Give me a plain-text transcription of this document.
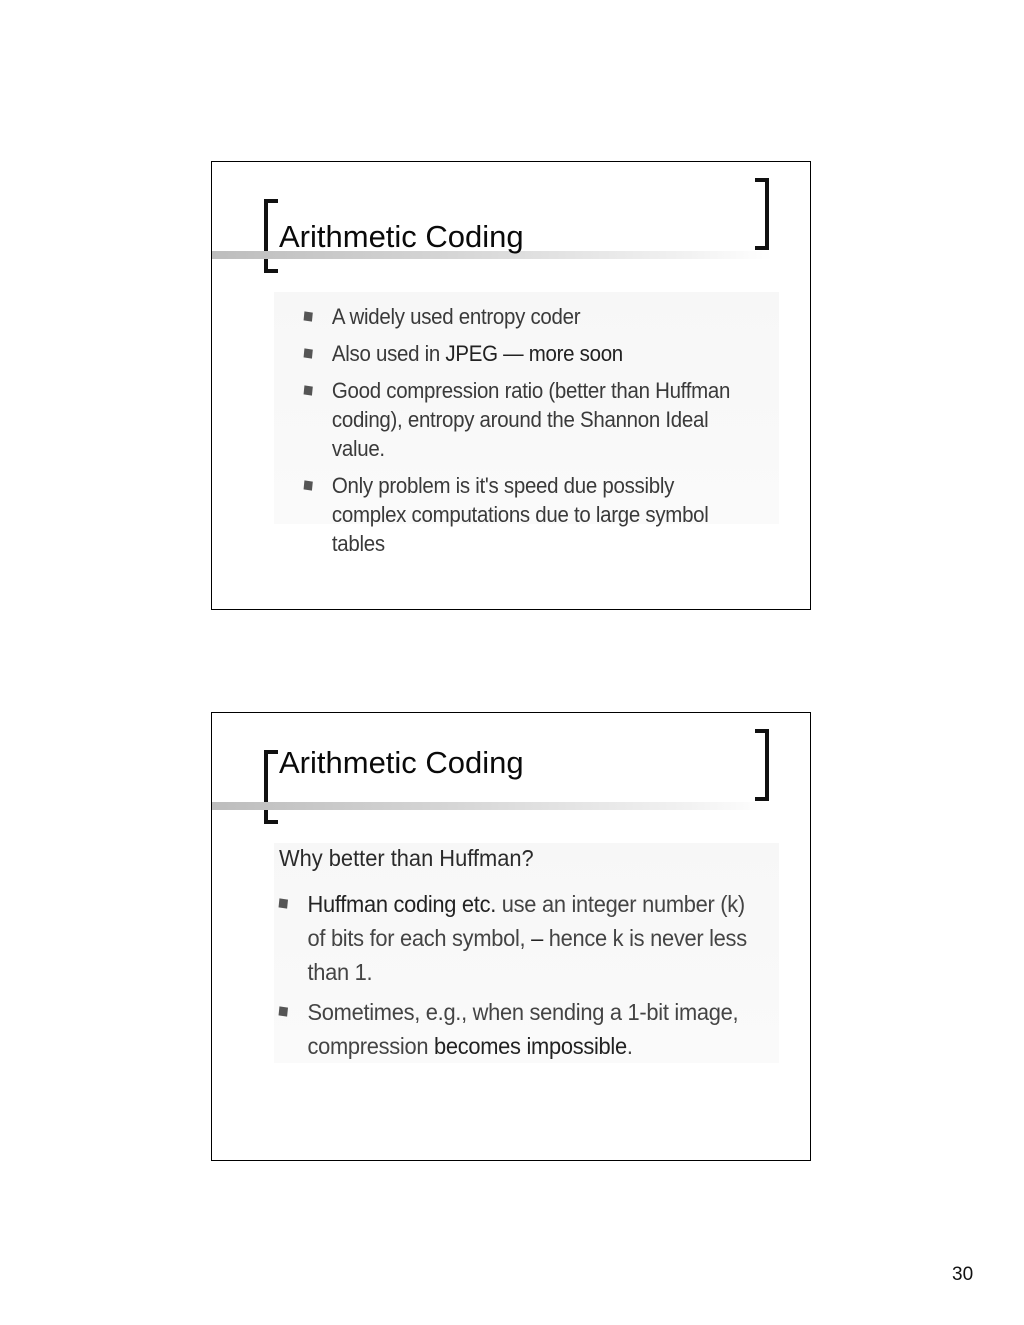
Arithmetic Coding
A widely used entropy coder
Also used in JPEG — more soon
Good compression ratio (better than Huffman coding), entropy around the Shannon Ideal value.
Only problem is it's speed due possibly complex computations due to large symbol tables
Arithmetic Coding

Why better than Huffman?

Huffman coding etc. use an integer number (k) of bits for each symbol, – hence k is never less than 1.
Sometimes, e.g., when sending a 1-bit image, compression becomes impossible.
30
